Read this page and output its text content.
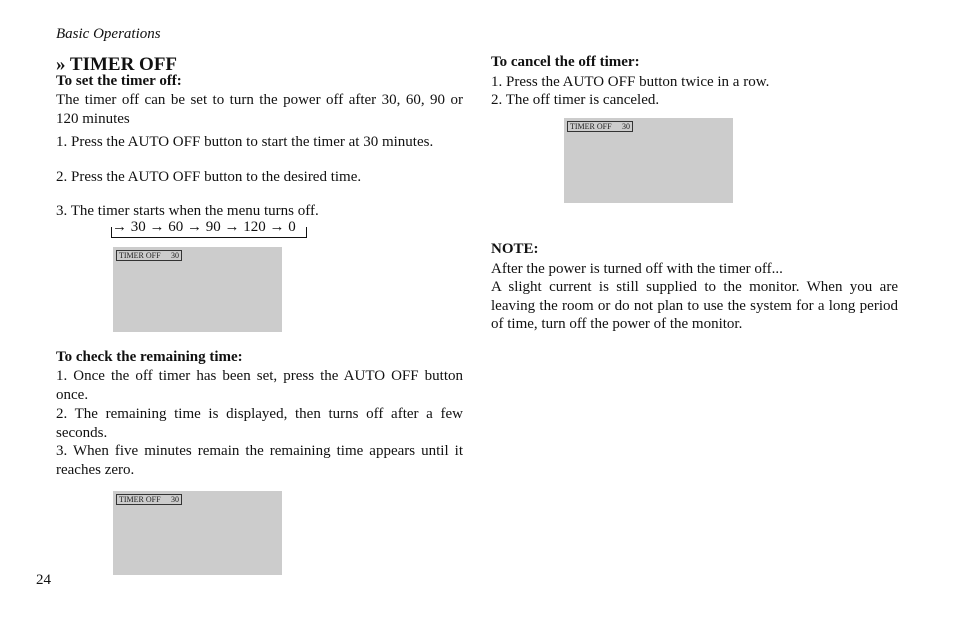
Basic Operations
» TIMER OFF
To set the timer off:
The timer off can be set to turn the power off after 30, 60, 90 or 120 minutes
1. Press the AUTO OFF button to start the timer at 30 minutes.
2. Press the AUTO OFF button to the desired time.
3. The timer starts when the menu turns off.
→ 30 → 60 → 90 → 120 → 0
TIMER OFF 30
To check the remaining time:
1. Once the off timer has been set, press the AUTO OFF button once.
2. The remaining time is displayed, then turns off after a few seconds.
3. When five minutes remain the remaining time appears until it reaches zero.
TIMER OFF 30
To cancel the off timer:
1. Press the AUTO OFF button twice in a row.
2. The off timer is canceled.
TIMER OFF 30
NOTE:
After the power is turned off with the timer off...
A slight current is still supplied to the monitor. When you are leaving the room or do not plan to use the system for a long period of time, turn off the power of the monitor.
24
